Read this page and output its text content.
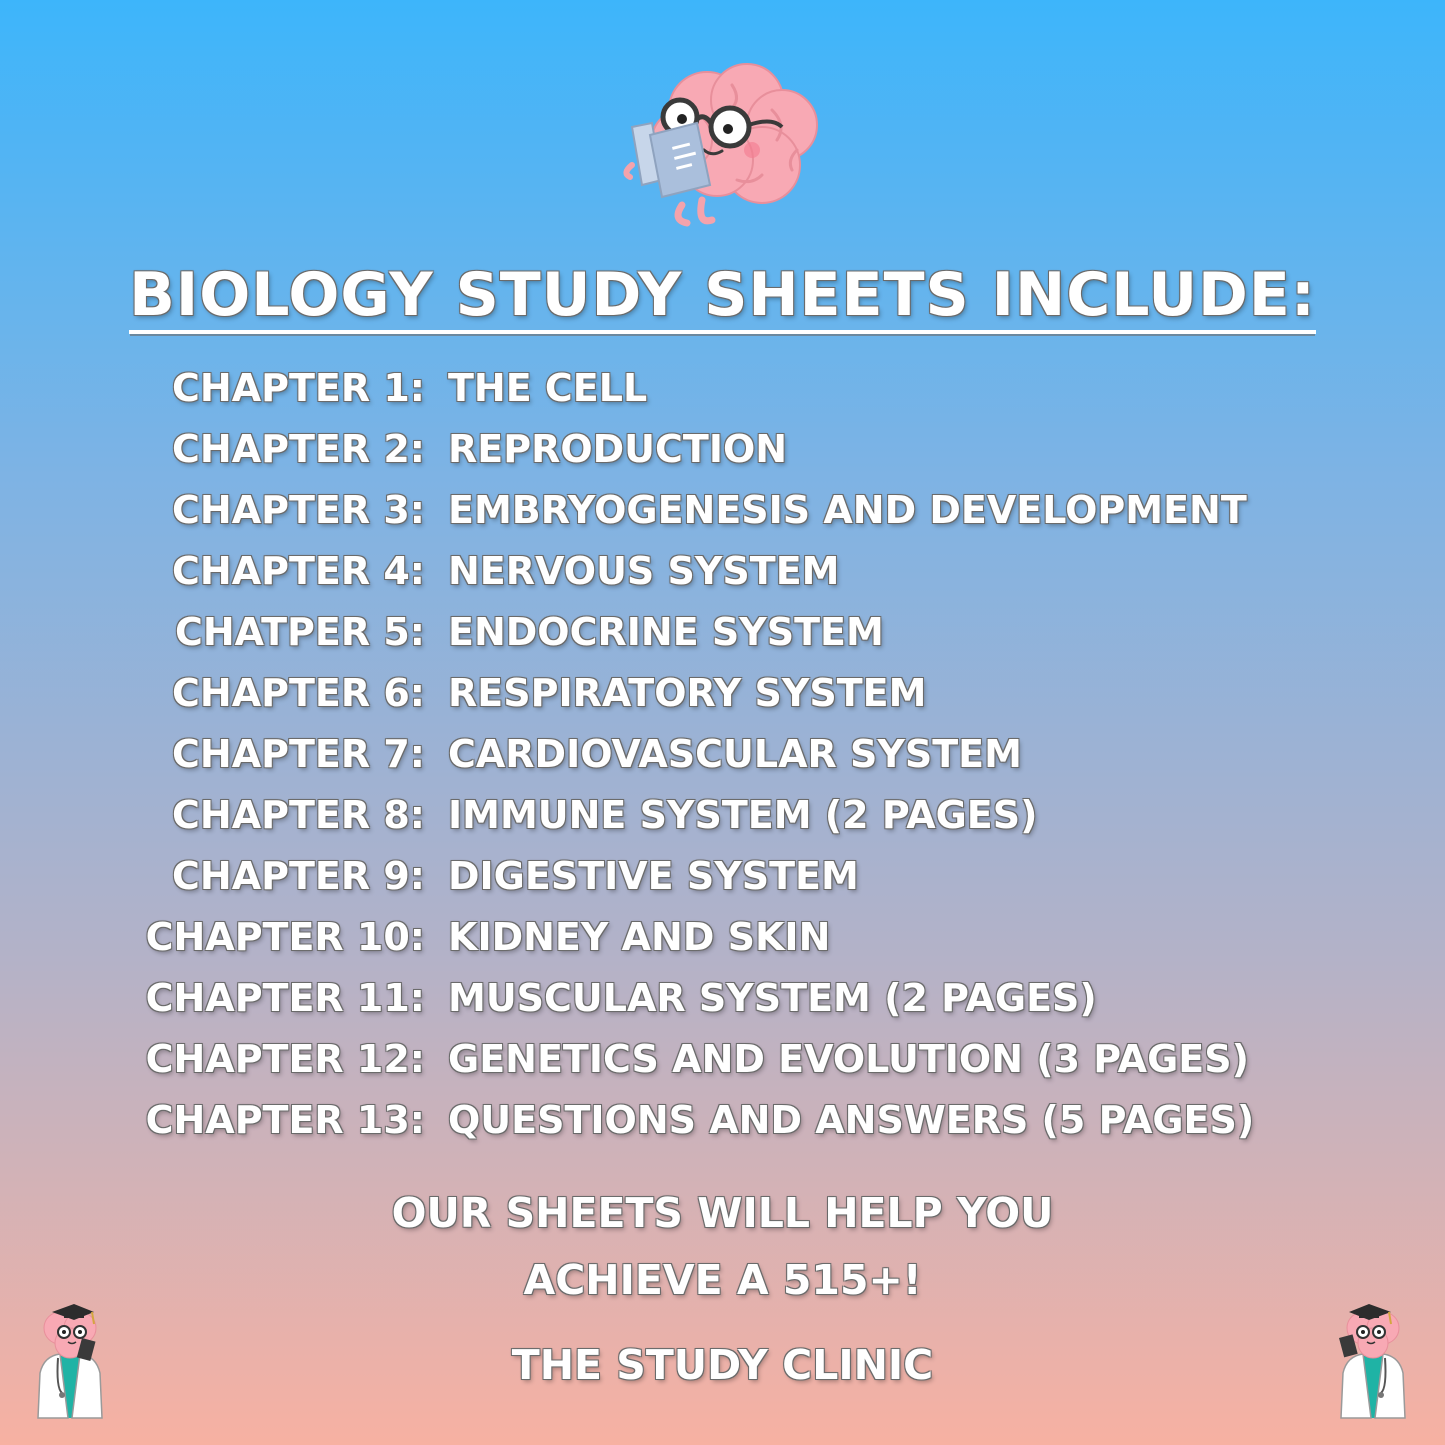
BIOLOGY STUDY SHEETS INCLUDE:
CHAPTER 1: THE CELL
CHAPTER 2: REPRODUCTION
CHAPTER 3: EMBRYOGENESIS AND DEVELOPMENT
CHAPTER 4: NERVOUS SYSTEM
CHATPER 5: ENDOCRINE SYSTEM
CHAPTER 6: RESPIRATORY SYSTEM
CHAPTER 7: CARDIOVASCULAR SYSTEM
CHAPTER 8: IMMUNE SYSTEM (2 PAGES)
CHAPTER 9: DIGESTIVE SYSTEM
CHAPTER 10: KIDNEY AND SKIN
CHAPTER 11: MUSCULAR SYSTEM (2 PAGES)
CHAPTER 12: GENETICS AND EVOLUTION (3 PAGES)
CHAPTER 13: QUESTIONS AND ANSWERS (5 PAGES)
OUR SHEETS WILL HELP YOU
ACHIEVE A 515+!
THE STUDY CLINIC
